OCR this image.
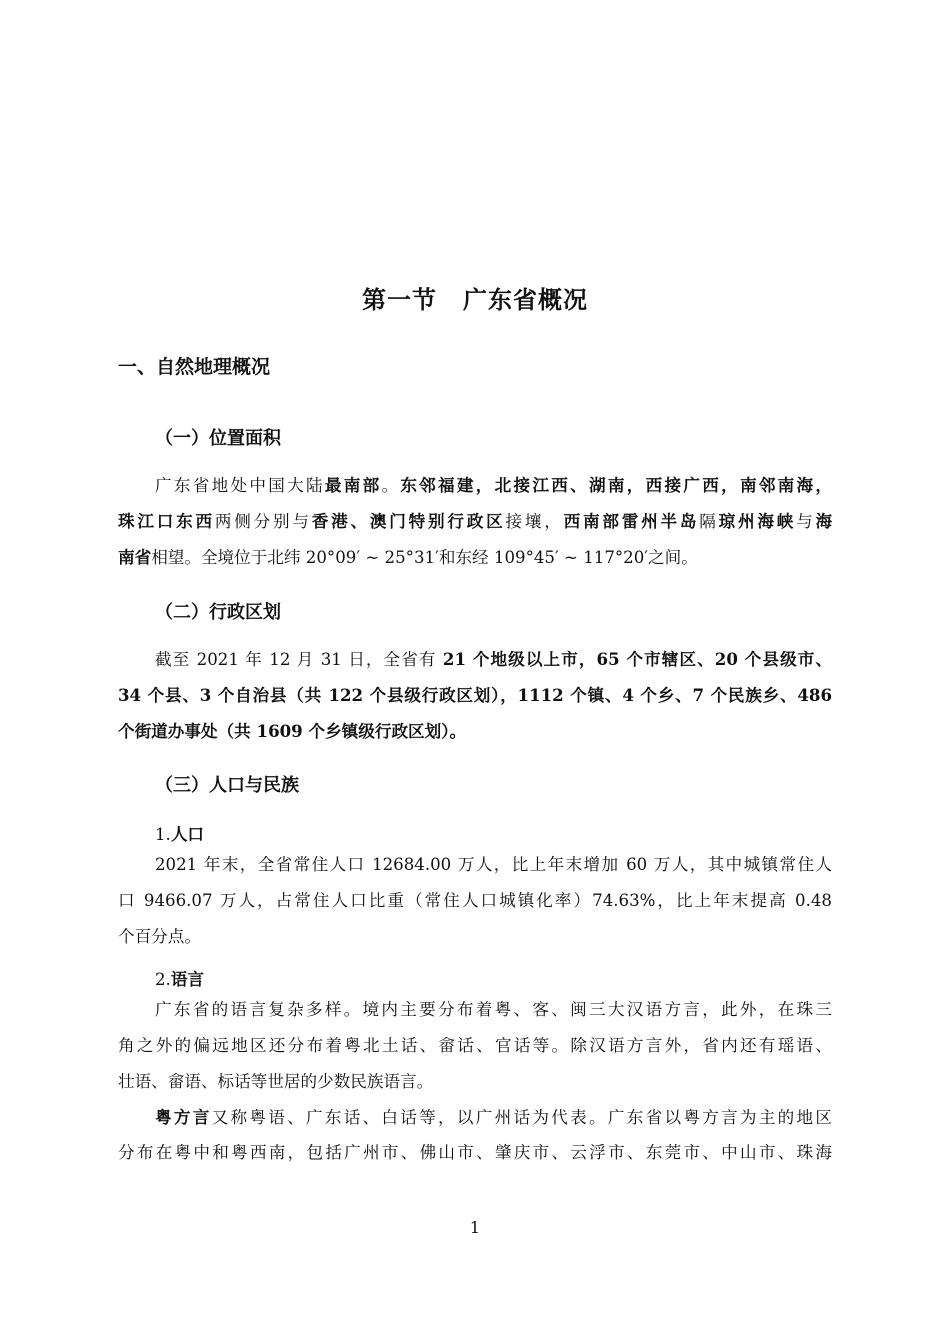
第一节 广东省概况
一、自然地理概况
（一）位置面积
广东省地处中国大陆最南部。东邻福建，北接江西、湖南，西接广西，南邻南海，
珠江口东西两侧分别与香港、澳门特别行政区接壤，西南部雷州半岛隔琼州海峡与海
南省相望。全境位于北纬 20°09′ ~ 25°31′和东经 109°45′ ~ 117°20′之间。
（二）行政区划
截至 2021 年 12 月 31 日，全省有 21 个地级以上市，65 个市辖区、20 个县级市、
34 个县、3 个自治县（共 122 个县级行政区划），1112 个镇、4 个乡、7 个民族乡、486
个街道办事处（共 1609 个乡镇级行政区划）。
（三）人口与民族
1.人口
2021 年末，全省常住人口 12684.00 万人，比上年末增加 60 万人，其中城镇常住人
口 9466.07 万人，占常住人口比重（常住人口城镇化率）74.63%，比上年末提高 0.48
个百分点。
2.语言
广东省的语言复杂多样。境内主要分布着粤、客、闽三大汉语方言，此外，在珠三
角之外的偏远地区还分布着粤北土话、畲话、官话等。除汉语方言外，省内还有瑶语、
壮语、畲语、标话等世居的少数民族语言。
粤方言又称粤语、广东话、白话等，以广州话为代表。广东省以粤方言为主的地区
分布在粤中和粤西南，包括广州市、佛山市、肇庆市、云浮市、东莞市、中山市、珠海
1
